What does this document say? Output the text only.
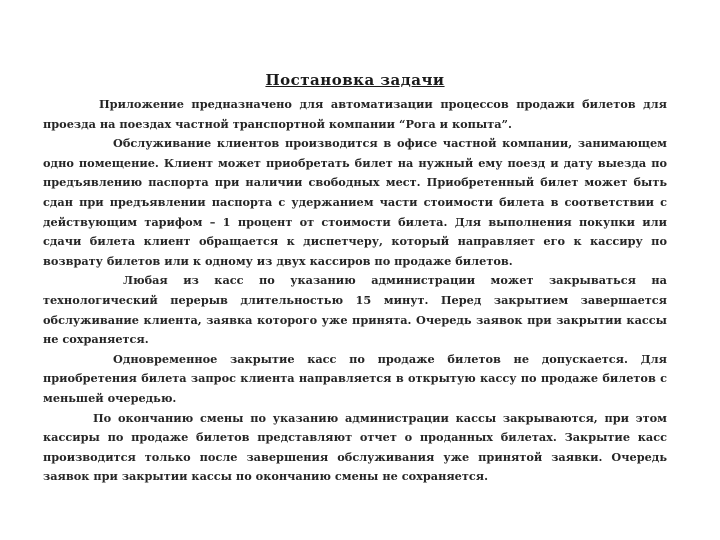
Постановка задачи

Приложение предназначено для автоматизации процессов продажи билетов для проезда на поездах частной транспортной компании “Рога и копыта”.

Обслуживание клиентов производится в офисе частной компании, занимающем одно помещение. Клиент может приобретать билет на нужный ему поезд и дату выезда по предъявлению паспорта при наличии свободных мест. Приобретенный билет может быть сдан при предъявлении паспорта с удержанием части стоимости билета в соответствии с действующим тарифом – 1 процент от стоимости билета. Для выполнения покупки или сдачи билета клиент обращается к диспетчеру, который направляет его к кассиру по возврату билетов или к одному из двух кассиров по продаже билетов.

Любая из касс по указанию администрации может закрываться на технологический перерыв длительностью 15 минут. Перед закрытием завершается обслуживание клиента, заявка которого уже принята. Очередь заявок при закрытии кассы не сохраняется.

Одновременное закрытие касс по продаже билетов не допускается. Для приобретения билета запрос клиента направляется в открытую кассу по продаже билетов с меньшей очередью.

По окончанию смены по указанию администрации кассы закрываются, при этом кассиры по продаже билетов представляют отчет о проданных билетах. Закрытие касс производится только после завершения обслуживания уже принятой заявки. Очередь заявок при закрытии кассы по окончанию смены не сохраняется.
